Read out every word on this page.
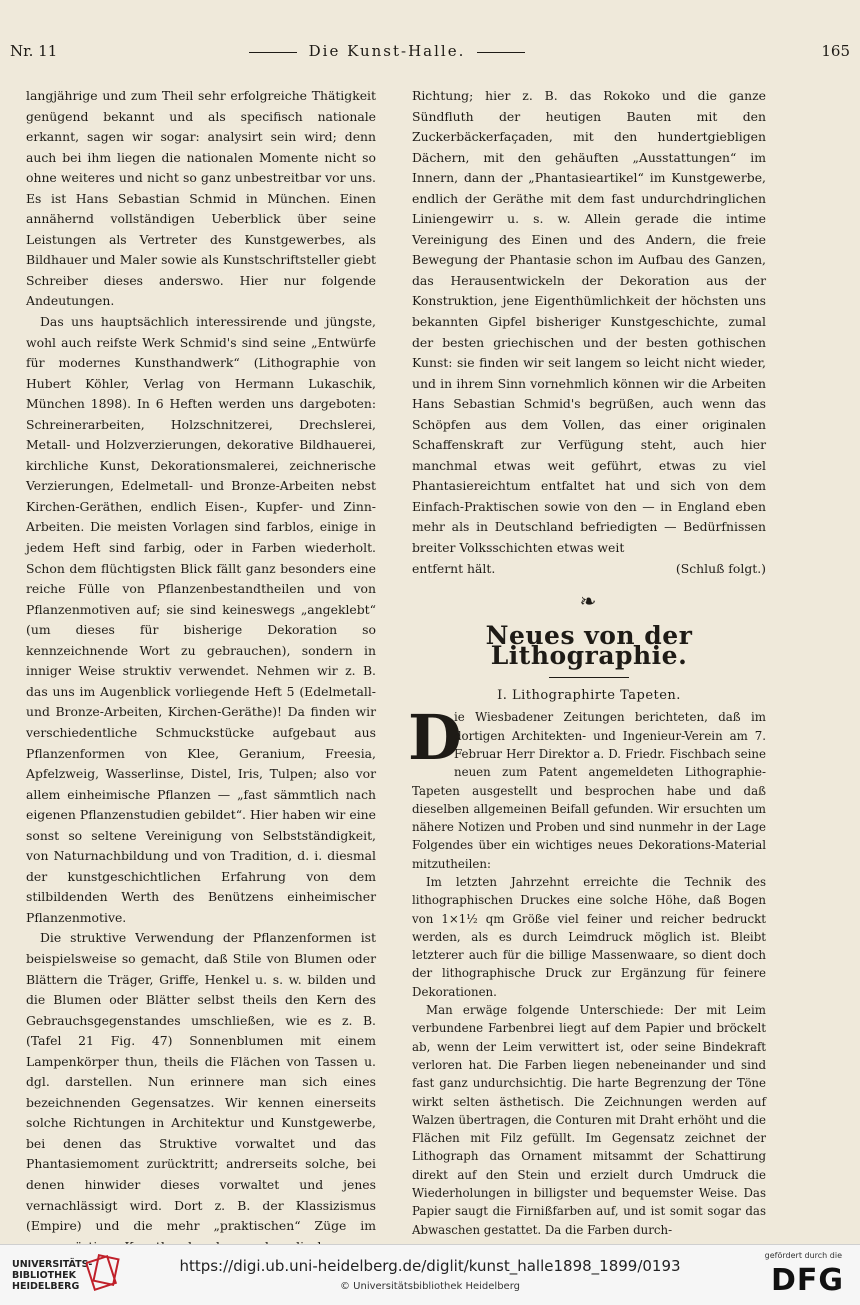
Nr. 11	Die Kunst-Halle.	165

langjährige und zum Theil sehr erfolgreiche Thätigkeit genügend bekannt und als specifisch nationale erkannt, sagen wir sogar: analysirt sein wird; denn auch bei ihm liegen die nationalen Momente nicht so ohne weiteres und nicht so ganz unbestreitbar vor uns. Es ist Hans Sebastian Schmid in München. Einen annähernd vollständigen Ueberblick über seine Leistungen als Vertreter des Kunstgewerbes, als Bildhauer und Maler sowie als Kunstschriftsteller giebt Schreiber dieses anderswo. Hier nur folgende Andeutungen.

Das uns hauptsächlich interessirende und jüngste, wohl auch reifste Werk Schmid's sind seine „Entwürfe für modernes Kunsthandwerk“ (Lithographie von Hubert Köhler, Verlag von Hermann Lukaschik, München 1898). In 6 Heften werden uns dargeboten: Schreinerarbeiten, Holzschnitzerei, Drechslerei, Metall- und Holzverzierungen, dekorative Bildhauerei, kirchliche Kunst, Dekorationsmalerei, zeichnerische Verzierungen, Edelmetall- und Bronze-Arbeiten nebst Kirchen-Geräthen, endlich Eisen-, Kupfer- und Zinn-Arbeiten. Die meisten Vorlagen sind farblos, einige in jedem Heft sind farbig, oder in Farben wiederholt. Schon dem flüchtigsten Blick fällt ganz besonders eine reiche Fülle von Pflanzenbestandtheilen und von Pflanzenmotiven auf; sie sind keineswegs „angeklebt“ (um dieses für bisherige Dekoration so kennzeichnende Wort zu gebrauchen), sondern in inniger Weise struktiv verwendet. Nehmen wir z. B. das uns im Augenblick vorliegende Heft 5 (Edelmetall- und Bronze-Arbeiten, Kirchen-Geräthe)! Da finden wir verschiedentliche Schmuckstücke aufgebaut aus Pflanzenformen von Klee, Geranium, Freesia, Apfelzweig, Wasserlinse, Distel, Iris, Tulpen; also vor allem einheimische Pflanzen — „fast sämmtlich nach eigenen Pflanzenstudien gebildet“. Hier haben wir eine sonst so seltene Vereinigung von Selbstständigkeit, von Naturnachbildung und von Tradition, d. i. diesmal der kunstgeschichtlichen Erfahrung von dem stilbildenden Werth des Benützens einheimischer Pflanzenmotive.

Die struktive Verwendung der Pflanzenformen ist beispielsweise so gemacht, daß Stile von Blumen oder Blättern die Träger, Griffe, Henkel u. s. w. bilden und die Blumen oder Blätter selbst theils den Kern des Gebrauchsgegenstandes umschließen, wie es z. B. (Tafel 21 Fig. 47) Sonnenblumen mit einem Lampenkörper thun, theils die Flächen von Tassen u. dgl. darstellen. Nun erinnere man sich eines bezeichnenden Gegensatzes. Wir kennen einerseits solche Richtungen in Architektur und Kunstgewerbe, bei denen das Struktive vorwaltet und das Phantasiemoment zurücktritt; andrerseits solche, bei denen hinwider dieses vorwaltet und jenes vernachlässigt wird. Dort z. B. der Klassizismus (Empire) und die mehr „praktischen“ Züge im

Richtung; hier z. B. das Rokoko und die ganze Sündfluth der heutigen Bauten mit den Zuckerbäckerfaçaden, mit den hundertgiebligen Dächern, mit den gehäuften „Ausstattungen“ im Innern, dann der „Phantasieartikel“ im Kunstgewerbe, endlich der Geräthe mit dem fast undurchdringlichen Liniengewirr u. s. w. Allein gerade die intime Vereinigung des Einen und des Andern, die freie Bewegung der Phantasie schon im Aufbau des Ganzen, das Herausentwickeln der Dekoration aus der Konstruktion, jene Eigenthümlichkeit der höchsten uns bekannten Gipfel bisheriger Kunstgeschichte, zumal der besten griechischen und der besten gothischen Kunst: sie finden wir seit langem so leicht nicht wieder, und in ihrem Sinn vornehmlich können wir die Arbeiten Hans Sebastian Schmid's begrüßen, auch wenn das Schöpfen aus dem Vollen, das einer originalen Schaffenskraft zur Verfügung steht, auch hier manchmal etwas weit geführt, etwas zu viel Phantasiereichtum entfaltet hat und sich von dem Einfach-Praktischen sowie von den — in England eben mehr als in Deutschland befriedigten — Bedürfnissen breiter Volksschichten etwas weit

entfernt hält.	(Schluß folgt.)
❧
Neues von der Lithographie.
I. Lithographirte Tapeten.

D
ie Wiesbadener Zeitungen berichteten, daß im dortigen Architekten- und Ingenieur-Verein am 7. Februar Herr Direktor a. D. Friedr. Fischbach seine neuen zum Patent angemeldeten Lithographie-Tapeten ausgestellt und besprochen habe und daß dieselben allgemeinen Beifall gefunden. Wir ersuchten um nähere Notizen und Proben und sind nunmehr in der Lage Folgendes über ein wichtiges neues Dekorations-Material mitzutheilen:

Im letzten Jahrzehnt erreichte die Technik des lithographischen Druckes eine solche Höhe, daß Bogen von 1×1½ qm Größe viel feiner und reicher bedruckt werden, als es durch Leimdruck möglich ist. Bleibt letzterer auch für die billige Massenwaare, so dient doch der lithographische Druck zur Ergänzung für feinere Dekorationen.

Man erwäge folgende Unterschiede: Der mit Leim verbundene Farbenbrei liegt auf dem Papier und bröckelt ab, wenn der Leim verwittert ist, oder seine Bindekraft verloren hat. Die Farben liegen nebeneinander und sind fast ganz undurchsichtig. Die harte Begrenzung der Töne wirkt selten ästhetisch. Die Zeichnungen werden auf Walzen übertragen, die Conturen mit Draht erhöht und die Flächen mit Filz gefüllt. Im Gegensatz zeichnet der Lithograph das Ornament mitsammt der Schattirung direkt auf den Stein und erzielt durch Umdruck die Wiederholungen in billigster und bequemster Weise. Das Papier saugt die Firnißfarben auf, und ist somit sogar das Abwaschen gestattet. Da die Farben durch-

UNIVERSITÄTS-
BIBLIOTHEK
HEIDELBERG
https://digi.ub.uni-heidelberg.de/diglit/kunst_halle1898_1899/0193
© Universitätsbibliothek Heidelberg
gefördert durch die
DFG
